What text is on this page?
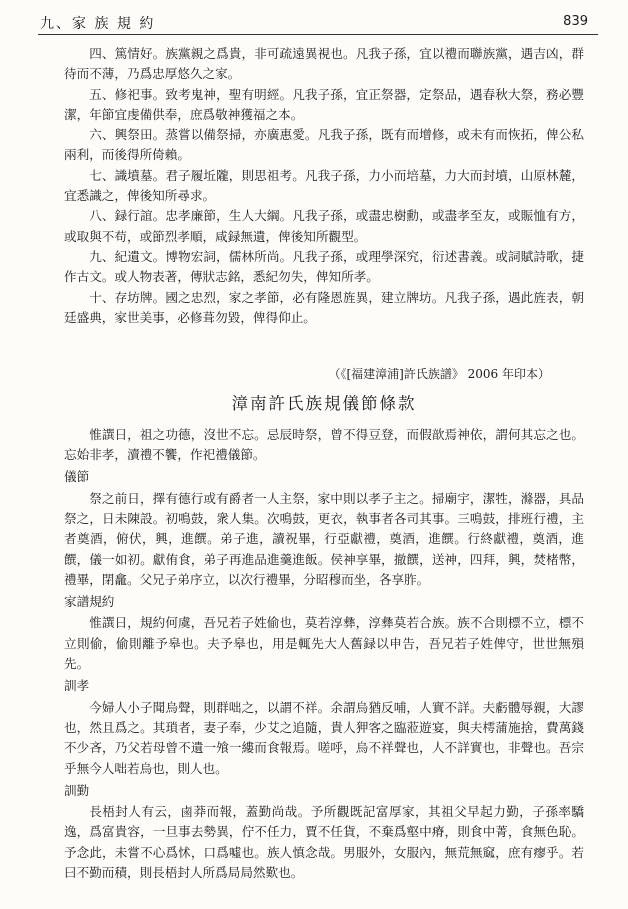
九、家 族 規 約	839

四、篤情好。族黨親之爲貴，非可疏遠異視也。凡我子孫，宜以禮而聯族黨，遇吉凶，群待而不薄，乃爲忠厚悠久之家。

五、修祀事。致考鬼神，聖有明經。凡我子孫，宜正祭器，定祭品，遇春秋大祭，務必豐潔，年節宜虔備供奉，庶爲敬神獲福之本。

六、興祭田。蒸嘗以備祭掃，亦廣惠愛。凡我子孫，既有而增修，或未有而恢拓，俾公私兩利，而後得所倚賴。

七、識墳墓。君子履坵隴，則思祖考。凡我子孫，力小而培墓，力大而封墳，山原林麓，宜悉識之，俾後知所尋求。

八、録行誼。忠孝廉節，生人大綱。凡我子孫，或盡忠樹勳，或盡孝至友，或賑恤有方，或取與不苟，或節烈孝順，咸録無遺，俾後知所觀型。

九、紀遺文。博物宏詞，儒林所尚。凡我子孫，或理學深究，衍述書義。或詞賦詩歌，捷作古文。或人物表著，傳狀志銘，悉紀勿失，俾知所孝。

十、存坊牌。國之忠烈，家之孝節，必有隆恩旌異，建立牌坊。凡我子孫，遇此旌表，朝廷盛典，家世美事，必修葺勿毀，俾得仰止。

（《[福建漳浦]許氏族譜》 2006 年印本）
漳南許氏族規儀節條款

惟譔日，祖之功德，沒世不忘。忌辰時祭，曾不得豆登，而假歆焉神依，謂何其忘之也。忘始非孝，瀆禮不饗，作祀禮儀節。

儀節

祭之前日，擇有德行或有爵者一人主祭，家中則以孝子主之。掃廟宇，潔牲，滌器，具品祭之，日未陳設。初鳴鼓，衆人集。次鳴鼓，更衣，執事者各司其事。三鳴鼓，排班行禮，主者奠酒，俯伏，興，進饌。弟子進，讀祝畢，行亞獻禮，奠酒，進饌。行終獻禮，奠酒，進饌，儀一如初。獻侑食，弟子再進品進羹進飯。侯神享畢，撤饌，送神，四拜，興，焚楮幣，禮畢，閉龕。父兄子弟序立，以次行禮畢，分昭穆而坐，各享胙。

家譜規約

惟譔日，規約何虞，吾兄若子姓偷也，莫若淳彝，淳彝莫若合族。族不合則標不立，標不立則偷，偷則離予皋也。夫予皋也，用是輒先大人舊録以申告，吾兄若子姓俾守，世世無殞先。

訓孝

今婦人小子聞烏聲，則群咄之，以謂不祥。余謂烏猶反哺，人實不詳。夫虧體辱親，大謬也，然且爲之。其瑣者，妻子奉，少艾之追隨，貴人狎客之臨蒞遊宴，與夫樗蒲施捨，費萬錢不少吝，乃父若母曾不遺一飧一縷而食報焉。嗟呼，烏不祥聲也，人不詳實也，非聲也。吾宗乎無今人咄若烏也，則人也。

訓勤

長梧封人有云，鹵莽而報，蓋勤尚哉。予所觀既記富厚家，其祖父早起力勤，子孫率驕逸，爲富貴容，一旦事去勢異，佇不任力，賈不任貨，不棄爲壑中瘠，則食中菁，食無色恥。予念此，未嘗不心爲怵，口爲噓也。族人慎念哉。男服外，女服內，無荒無窳，庶有瘳乎。若曰不勤而積，則長梧封人所爲局局然歎也。
